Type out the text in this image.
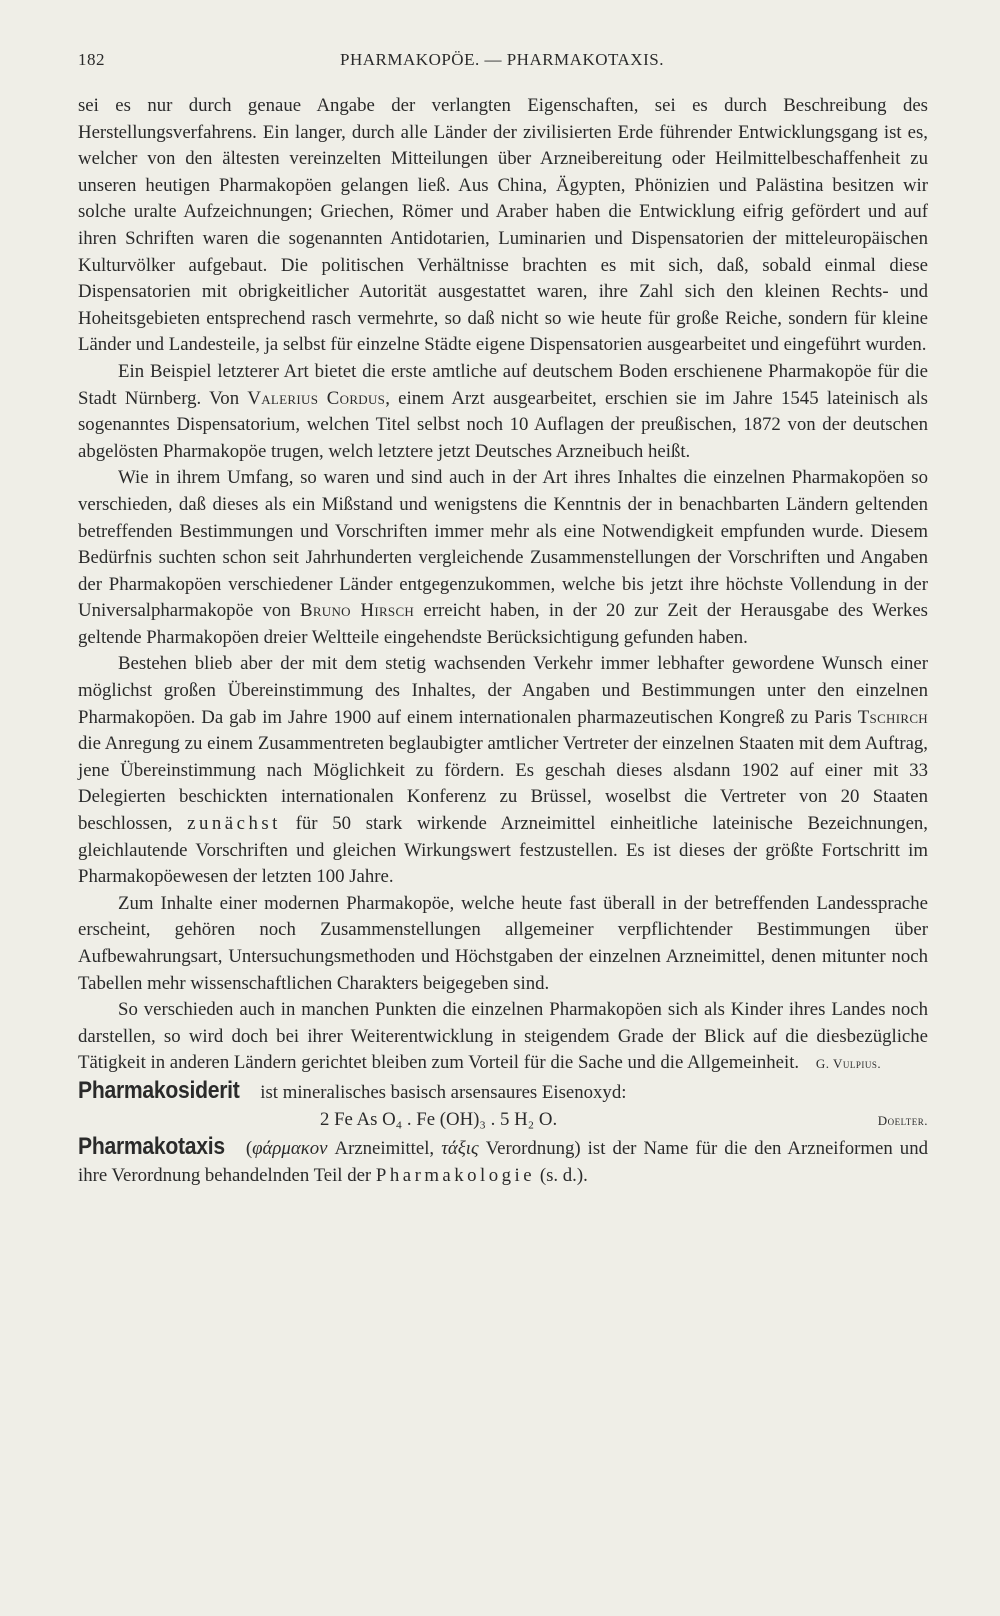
182	PHARMAKOPÖE. — PHARMAKOTAXIS.

sei es nur durch genaue Angabe der verlangten Eigenschaften, sei es durch Beschreibung des Herstellungsverfahrens. Ein langer, durch alle Länder der zivilisierten Erde führender Entwicklungsgang ist es, welcher von den ältesten vereinzelten Mitteilungen über Arzneibereitung oder Heilmittelbeschaffenheit zu unseren heutigen Pharmakopöen gelangen ließ. Aus China, Ägypten, Phönizien und Palästina besitzen wir solche uralte Aufzeichnungen; Griechen, Römer und Araber haben die Entwicklung eifrig gefördert und auf ihren Schriften waren die sogenannten Antidotarien, Luminarien und Dispensatorien der mitteleuropäischen Kulturvölker aufgebaut. Die politischen Verhältnisse brachten es mit sich, daß, sobald einmal diese Dispensatorien mit obrigkeitlicher Autorität ausgestattet waren, ihre Zahl sich den kleinen Rechts- und Hoheitsgebieten entsprechend rasch vermehrte, so daß nicht so wie heute für große Reiche, sondern für kleine Länder und Landesteile, ja selbst für einzelne Städte eigene Dispensatorien ausgearbeitet und eingeführt wurden.

Ein Beispiel letzterer Art bietet die erste amtliche auf deutschem Boden erschienene Pharmakopöe für die Stadt Nürnberg. Von Valerius Cordus, einem Arzt ausgearbeitet, erschien sie im Jahre 1545 lateinisch als sogenanntes Dispensatorium, welchen Titel selbst noch 10 Auflagen der preußischen, 1872 von der deutschen abgelösten Pharmakopöe trugen, welch letztere jetzt Deutsches Arzneibuch heißt.

Wie in ihrem Umfang, so waren und sind auch in der Art ihres Inhaltes die einzelnen Pharmakopöen so verschieden, daß dieses als ein Mißstand und wenigstens die Kenntnis der in benachbarten Ländern geltenden betreffenden Bestimmungen und Vorschriften immer mehr als eine Notwendigkeit empfunden wurde. Diesem Bedürfnis suchten schon seit Jahrhunderten vergleichende Zusammenstellungen der Vorschriften und Angaben der Pharmakopöen verschiedener Länder entgegenzukommen, welche bis jetzt ihre höchste Vollendung in der Universalpharmakopöe von Bruno Hirsch erreicht haben, in der 20 zur Zeit der Herausgabe des Werkes geltende Pharmakopöen dreier Weltteile eingehendste Berücksichtigung gefunden haben.

Bestehen blieb aber der mit dem stetig wachsenden Verkehr immer lebhafter gewordene Wunsch einer möglichst großen Übereinstimmung des Inhaltes, der Angaben und Bestimmungen unter den einzelnen Pharmakopöen. Da gab im Jahre 1900 auf einem internationalen pharmazeutischen Kongreß zu Paris Tschirch die Anregung zu einem Zusammentreten beglaubigter amtlicher Vertreter der einzelnen Staaten mit dem Auftrag, jene Übereinstimmung nach Möglichkeit zu fördern. Es geschah dieses alsdann 1902 auf einer mit 33 Delegierten beschickten internationalen Konferenz zu Brüssel, woselbst die Vertreter von 20 Staaten beschlossen, zunächst für 50 stark wirkende Arzneimittel einheitliche lateinische Bezeichnungen, gleichlautende Vorschriften und gleichen Wirkungswert festzustellen. Es ist dieses der größte Fortschritt im Pharmakopöewesen der letzten 100 Jahre.

Zum Inhalte einer modernen Pharmakopöe, welche heute fast überall in der betreffenden Landessprache erscheint, gehören noch Zusammenstellungen allgemeiner verpflichtender Bestimmungen über Aufbewahrungsart, Untersuchungsmethoden und Höchstgaben der einzelnen Arzneimittel, denen mitunter noch Tabellen mehr wissenschaftlichen Charakters beigegeben sind.

So verschieden auch in manchen Punkten die einzelnen Pharmakopöen sich als Kinder ihres Landes noch darstellen, so wird doch bei ihrer Weiterentwicklung in steigendem Grade der Blick auf die diesbezügliche Tätigkeit in anderen Ländern gerichtet bleiben zum Vorteil für die Sache und die Allgemeinheit. G. Vulpius.

Pharmakosiderit ist mineralisches basisch arsensaures Eisenoxyd:

2 Fe As O₄ . Fe (OH)₃ . 5 H₂ O.	Doelter.

Pharmakotaxis (φάρμακον Arzneimittel, τάξις Verordnung) ist der Name für die den Arzneiformen und ihre Verordnung behandelnden Teil der Pharmakologie (s. d.).
